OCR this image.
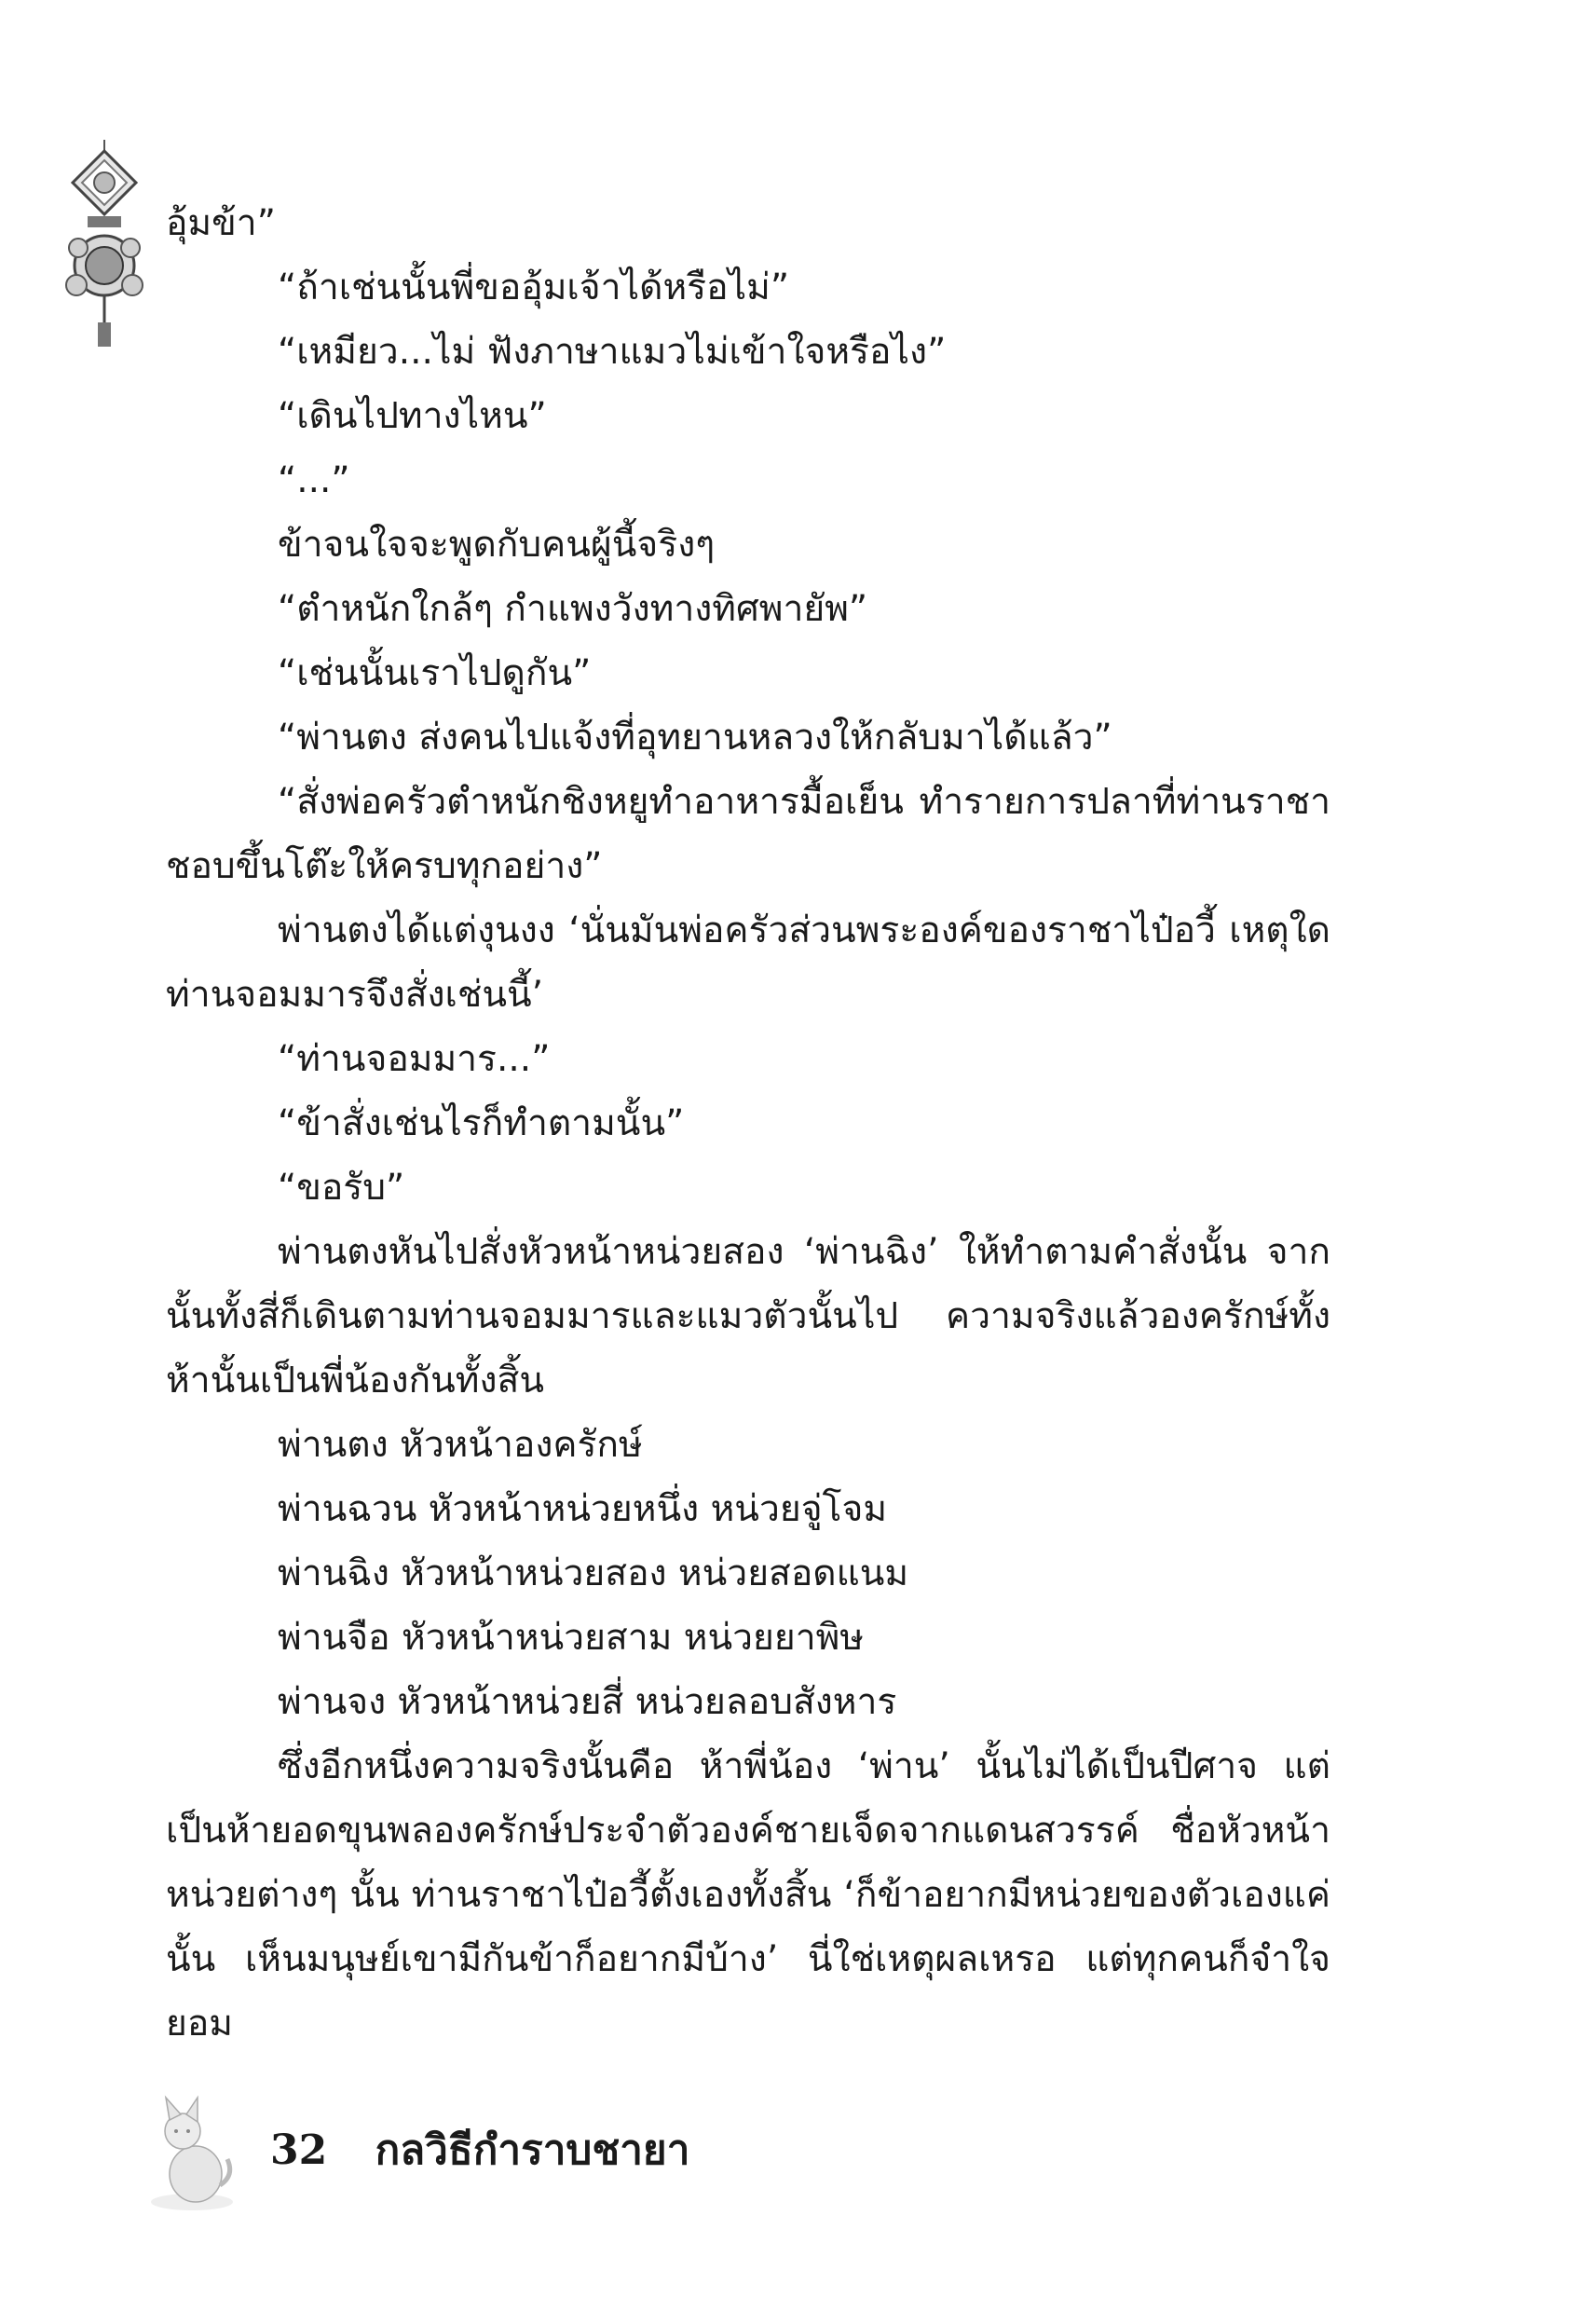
อุ้มข้า”

“ถ้าเช่นนั้นพี่ขออุ้มเจ้าได้หรือไม่”

“เหมียว...ไม่ ฟังภาษาแมวไม่เข้าใจหรือไง”

“เดินไปทางไหน”

“...”

ข้าจนใจจะพูดกับคนผู้นี้จริงๆ

“ตำหนักใกล้ๆ กำแพงวังทางทิศพายัพ”

“เช่นนั้นเราไปดูกัน”

“พ่านตง ส่งคนไปแจ้งที่อุทยานหลวงให้กลับมาได้แล้ว”

“สั่งพ่อครัวตำหนักชิงหยูทำอาหารมื้อเย็น ทำรายการปลาที่ท่านราชาชอบขึ้นโต๊ะให้ครบทุกอย่าง”

พ่านตงได้แต่งุนงง ‘นั่นมันพ่อครัวส่วนพระองค์ของราชาไป๋อวี้ เหตุใดท่านจอมมารจึงสั่งเช่นนี้’

“ท่านจอมมาร...”

“ข้าสั่งเช่นไรก็ทำตามนั้น”

“ขอรับ”

พ่านตงหันไปสั่งหัวหน้าหน่วยสอง ‘พ่านฉิง’ ให้ทำตามคำสั่งนั้น จากนั้นทั้งสี่ก็เดินตามท่านจอมมารและแมวตัวนั้นไป ความจริงแล้วองครักษ์ทั้งห้านั้นเป็นพี่น้องกันทั้งสิ้น

พ่านตง หัวหน้าองครักษ์

พ่านฉวน หัวหน้าหน่วยหนึ่ง หน่วยจู่โจม

พ่านฉิง หัวหน้าหน่วยสอง หน่วยสอดแนม

พ่านจือ หัวหน้าหน่วยสาม หน่วยยาพิษ

พ่านจง หัวหน้าหน่วยสี่ หน่วยลอบสังหาร

ซึ่งอีกหนึ่งความจริงนั้นคือ ห้าพี่น้อง ‘พ่าน’ นั้นไม่ได้เป็นปีศาจ แต่เป็นห้ายอดขุนพลองครักษ์ประจำตัวองค์ชายเจ็ดจากแดนสวรรค์ ชื่อหัวหน้าหน่วยต่างๆ นั้น ท่านราชาไป๋อวี้ตั้งเองทั้งสิ้น ‘ก็ข้าอยากมีหน่วยของตัวเองแค่นั้น เห็นมนุษย์เขามีกันข้าก็อยากมีบ้าง’ นี่ใช่เหตุผลเหรอ แต่ทุกคนก็จำใจยอม

32 กลวิธีกำราบชายา
